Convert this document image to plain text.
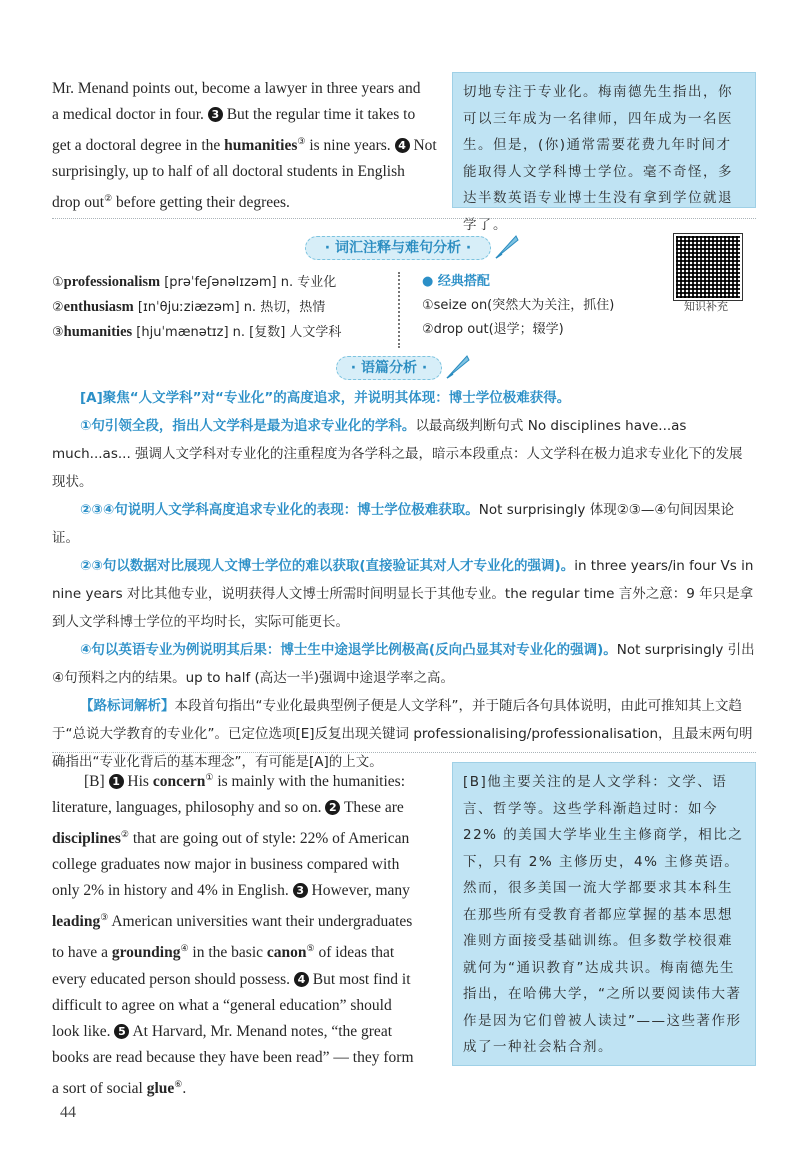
Mr. Menand points out, become a lawyer in three years and
a medical doctor in four. 3 But the regular time it takes to
get a doctoral degree in the humanities③ is nine years. 4 Not
surprisingly, up to half of all doctoral students in English
drop out② before getting their degrees.
切地专注于专业化。梅南德先生指出，你可以三年成为一名律师，四年成为一名医生。但是，(你)通常需要花费九年时间才能取得人文学科博士学位。毫不奇怪，多达半数英语专业博士生没有拿到学位就退学了。
· 词汇注释与难句分析 ·
知识补充
①professionalism [prəˈfeʃənəlɪzəm] n. 专业化
②enthusiasm [ɪnˈθjuːziæzəm] n. 热切，热情
③humanities [hjuˈmænətɪz] n. [复数] 人文学科
● 经典搭配
①seize on(突然大为关注，抓住)
②drop out(退学；辍学)
· 语篇分析 ·
[A]聚焦“人文学科”对“专业化”的高度追求，并说明其体现：博士学位极难获得。
①句引领全段，指出人文学科是最为追求专业化的学科。以最高级判断句式 No disciplines have...as much...as... 强调人文学科对专业化的注重程度为各学科之最，暗示本段重点：人文学科在极力追求专业化下的发展现状。
②③④句说明人文学科高度追求专业化的表现：博士学位极难获取。Not surprisingly 体现②③—④句间因果论证。
②③句以数据对比展现人文博士学位的难以获取(直接验证其对人才专业化的强调)。in three years/in four Vs in nine years 对比其他专业，说明获得人文博士所需时间明显长于其他专业。the regular time 言外之意：9 年只是拿到人文学科博士学位的平均时长，实际可能更长。
④句以英语专业为例说明其后果：博士生中途退学比例极高(反向凸显其对专业化的强调)。Not surprisingly 引出④句预料之内的结果。up to half (高达一半)强调中途退学率之高。
【路标词解析】本段首句指出“专业化最典型例子便是人文学科”，并于随后各句具体说明，由此可推知其上文趋于“总说大学教育的专业化”。已定位选项[E]反复出现关键词 professionalising/professionalisation，且最末两句明确指出“专业化背后的基本理念”，有可能是[A]的上文。
[B] 1 His concern① is mainly with the humanities:
literature, languages, philosophy and so on. 2 These are
disciplines② that are going out of style: 22% of American
college graduates now major in business compared with
only 2% in history and 4% in English. 3 However, many
leading③ American universities want their undergraduates
to have a grounding④ in the basic canon⑤ of ideas that
every educated person should possess. 4 But most find it
difficult to agree on what a “general education” should
look like. 5 At Harvard, Mr. Menand notes, “the great
books are read because they have been read” — they form
a sort of social glue⑥.
[B]他主要关注的是人文学科：文学、语言、哲学等。这些学科渐趋过时：如今 22% 的美国大学毕业生主修商学，相比之下，只有 2% 主修历史，4% 主修英语。然而，很多美国一流大学都要求其本科生在那些所有受教育者都应掌握的基本思想准则方面接受基础训练。但多数学校很难就何为“通识教育”达成共识。梅南德先生指出，在哈佛大学，“之所以要阅读伟大著作是因为它们曾被人读过”——这些著作形成了一种社会粘合剂。
44
